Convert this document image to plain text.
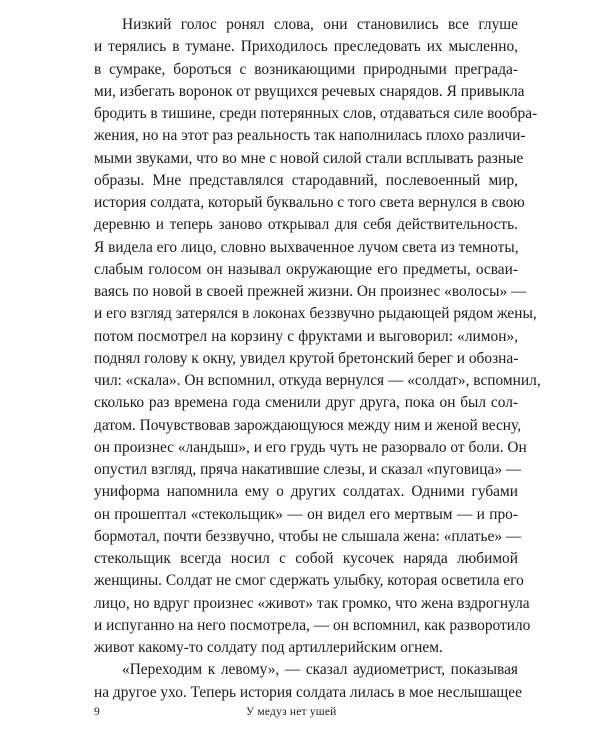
Низкий голос ронял слова, они становились все глуше
и терялись в тумане. Приходилось преследовать их мысленно,
в сумраке, бороться с возникающими природными преграда-
ми, избегать воронок от рвущихся речевых снарядов. Я привыкла
бродить в тишине, среди потерянных слов, отдаваться силе вообра-
жения, но на этот раз реальность так наполнилась плохо различи-
мыми звуками, что во мне с новой силой стали всплывать разные
образы. Мне представлялся стародавний, послевоенный мир,
история солдата, который буквально с того света вернулся в свою
деревню и теперь заново открывал для себя действительность.
Я видела его лицо, словно выхваченное лучом света из темноты,
слабым голосом он называл окружающие его предметы, осваи-
ваясь по новой в своей прежней жизни. Он произнес «волосы» —
и его взгляд затерялся в локонах беззвучно рыдающей рядом жены,
потом посмотрел на корзину с фруктами и выговорил: «лимон»,
поднял голову к окну, увидел крутой бретонский берег и обозна-
чил: «скала». Он вспомнил, откуда вернулся — «солдат», вспомнил,
сколько раз времена года сменили друг друга, пока он был сол-
датом. Почувствовав зарождающуюся между ним и женой весну,
он произнес «ландыш», и его грудь чуть не разорвало от боли. Он
опустил взгляд, пряча накатившие слезы, и сказал «пуговица» —
униформа напомнила ему о других солдатах. Одними губами
он прошептал «стекольщик» — он видел его мертвым — и про-
бормотал, почти беззвучно, чтобы не слышала жена: «платье» —
стекольщик всегда носил с собой кусочек наряда любимой
женщины. Солдат не смог сдержать улыбку, которая осветила его
лицо, но вдруг произнес «живот» так громко, что жена вздрогнула
и испуганно на него посмотрела, — он вспомнил, как разворотило
живот какому-то солдату под артиллерийским огнем.
«Переходим к левому», — сказал аудиометрист, показывая
на другое ухо. Теперь история солдата лилась в мое неслышащее
9	У медуз нет ушей
